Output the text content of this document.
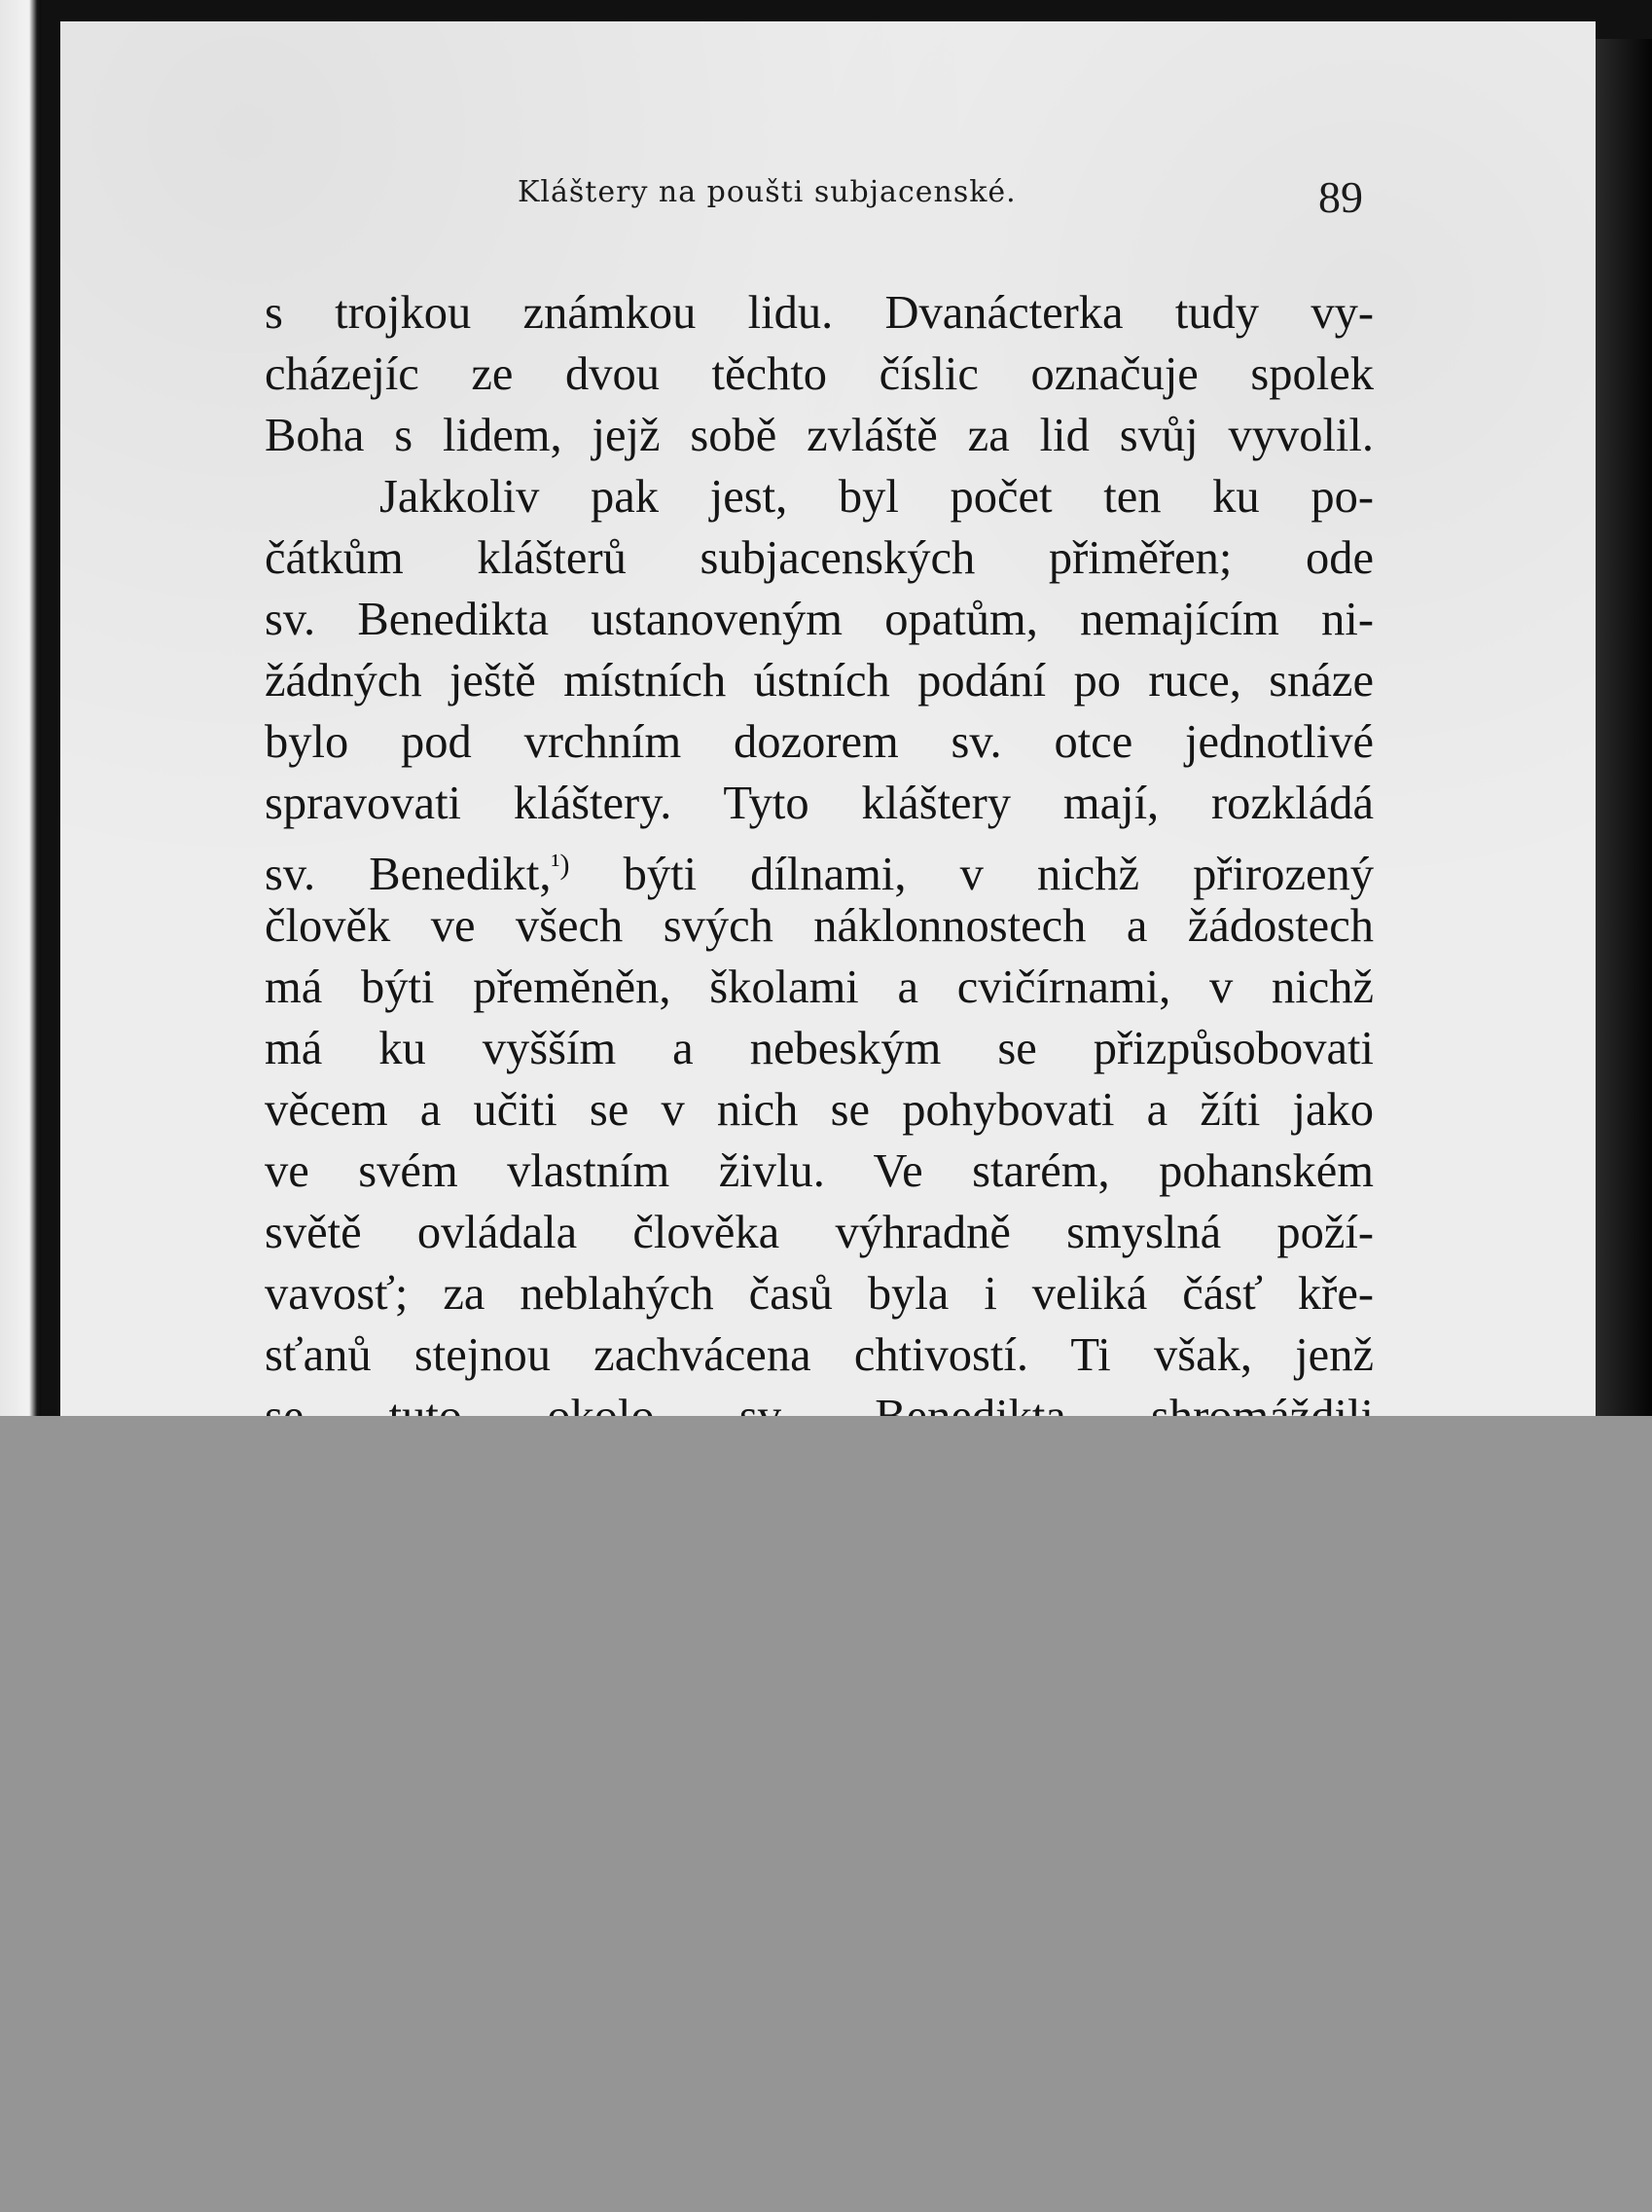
Kláštery na poušti subjacenské.	89
s trojkou známkou lidu. Dvanácterka tudy vy-
cházejíc ze dvou těchto číslic označuje spolek
Boha s lidem, jejž sobě zvláště za lid svůj vyvolil.
Jakkoliv pak jest, byl počet ten ku po-
čátkům klášterů subjacenských přiměřen; ode
sv. Benedikta ustanoveným opatům, nemajícím ni-
žádných ještě místních ústních podání po ruce, snáze
bylo pod vrchním dozorem sv. otce jednotlivé
spravovati kláštery. Tyto kláštery mají, rozkládá
sv. Benedikt,$^{^1)}$ býti dílnami, v nichž přirozený
člověk ve všech svých náklonnostech a žádostech
má býti přeměněn, školami a cvičírnami, v nichž
má ku vyšším a nebeským se přizpůsobovati
věcem a učiti se v nich se pohybovati a žíti jako
ve svém vlastním živlu. Ve starém, pohanském
světě ovládala člověka výhradně smyslná poží-
vavosť; za neblahých časů byla i veliká čásť kře-
sťanů stejnou zachvácena chtivostí. Ti však, jenž
